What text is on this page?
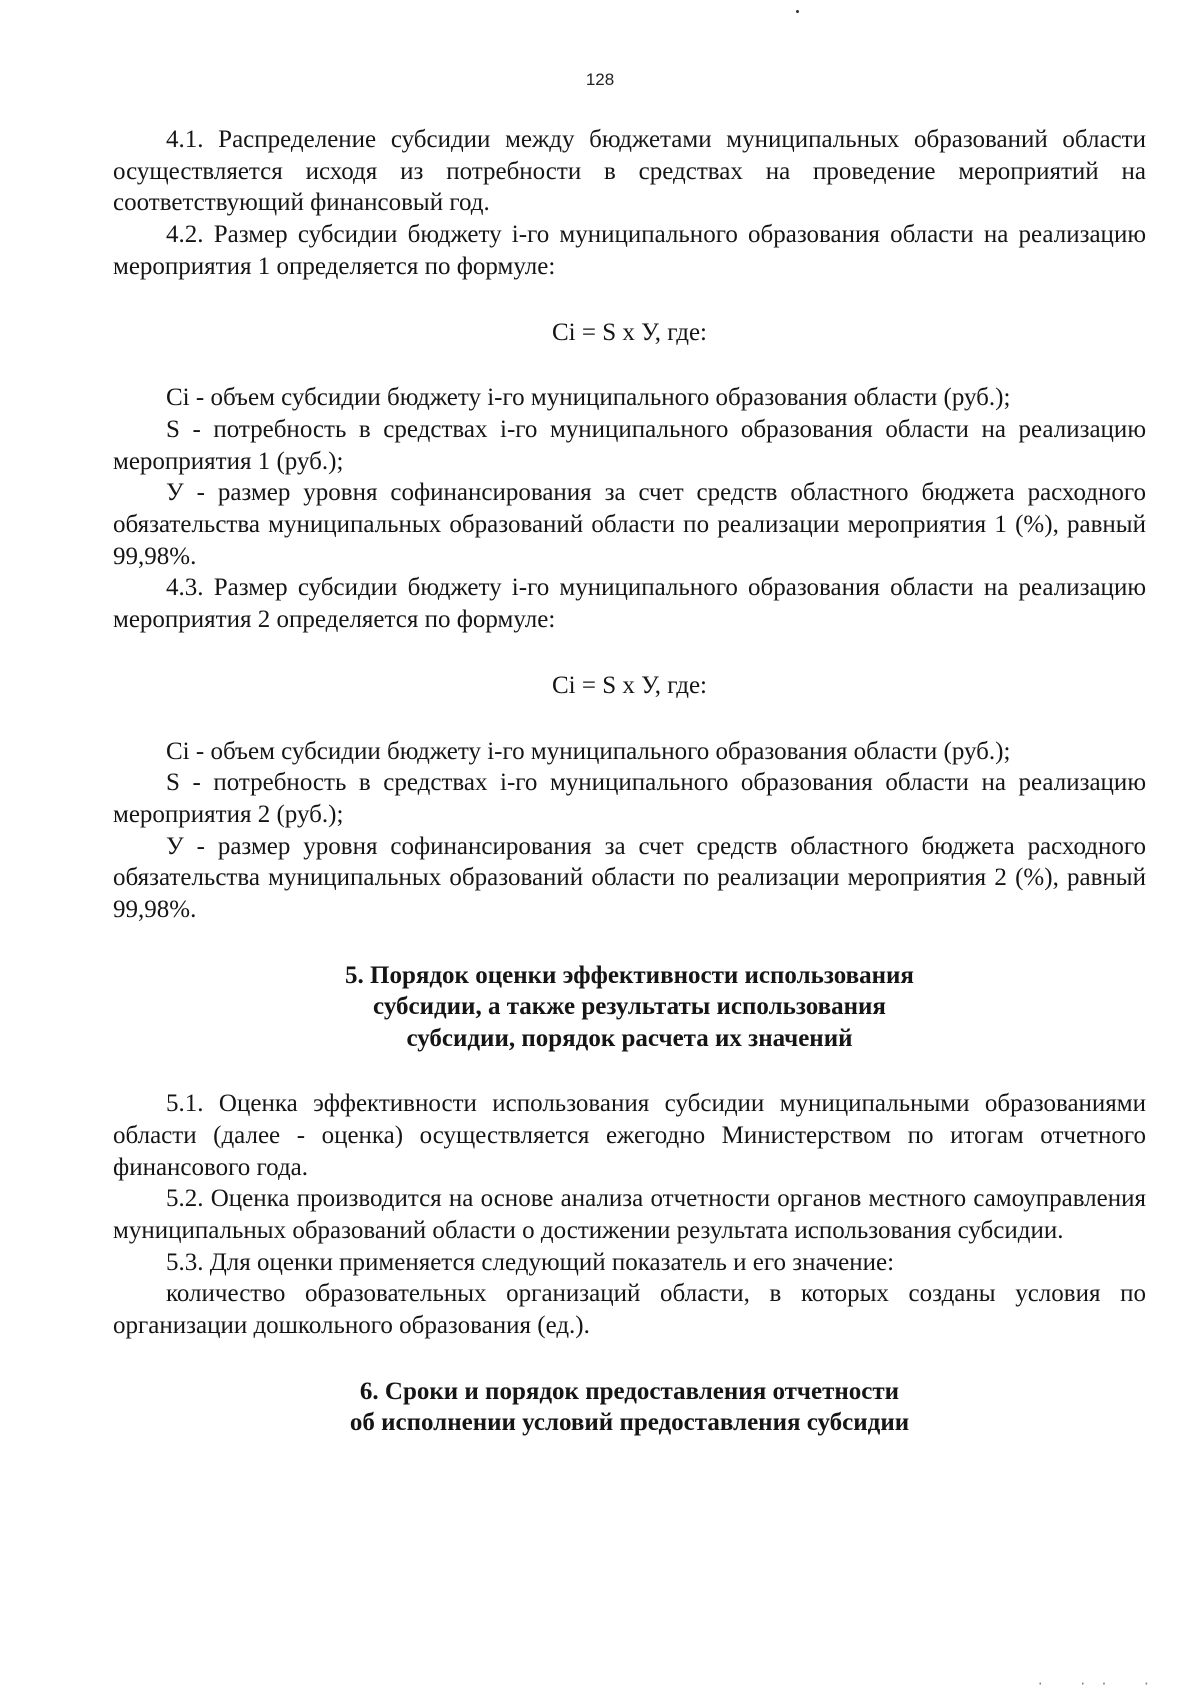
128

4.1. Распределение субсидии между бюджетами муниципальных образований области осуществляется исходя из потребности в средствах на проведение мероприятий на соответствующий финансовый год.

4.2. Размер субсидии бюджету i-го муниципального образования области на реализацию мероприятия 1 определяется по формуле:

Ci = S x У, где:

Ci - объем субсидии бюджету i-го муниципального образования области (руб.);

S - потребность в средствах i-го муниципального образования области на реализацию мероприятия 1 (руб.);

У - размер уровня софинансирования за счет средств областного бюджета расходного обязательства муниципальных образований области по реализации мероприятия 1 (%), равный 99,98%.

4.3. Размер субсидии бюджету i-го муниципального образования области на реализацию мероприятия 2 определяется по формуле:

Ci = S x У, где:

Ci - объем субсидии бюджету i-го муниципального образования области (руб.);

S - потребность в средствах i-го муниципального образования области на реализацию мероприятия 2 (руб.);

У - размер уровня софинансирования за счет средств областного бюджета расходного обязательства муниципальных образований области по реализации мероприятия 2 (%), равный 99,98%.

5. Порядок оценки эффективности использования
субсидии, а также результаты использования
субсидии, порядок расчета их значений

5.1. Оценка эффективности использования субсидии муниципальными образованиями области (далее - оценка) осуществляется ежегодно Министерством по итогам отчетного финансового года.

5.2. Оценка производится на основе анализа отчетности органов местного самоуправления муниципальных образований области о достижении результата использования субсидии.

5.3. Для оценки применяется следующий показатель и его значение:

количество образовательных организаций области, в которых созданы условия по организации дошкольного образования (ед.).

6. Сроки и порядок предоставления отчетности
об исполнении условий предоставления субсидии

· ·· ·
